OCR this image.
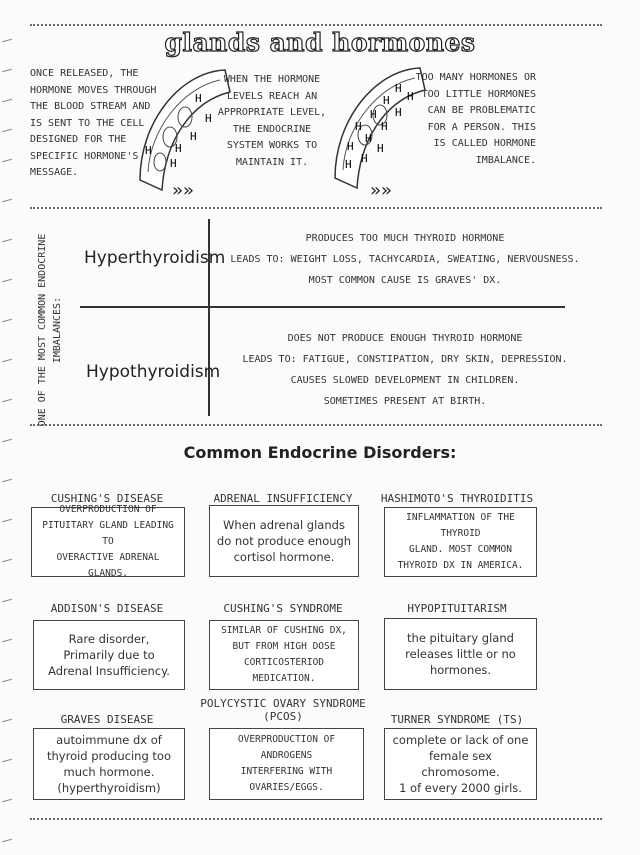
glands and hormones
ONCE RELEASED, THE HORMONE MOVES THROUGH THE BLOOD STREAM AND IS SENT TO THE CELL DESIGNED FOR THE SPECIFIC HORMONE'S MESSAGE.
H
H
H
H
H
H
»»
WHEN THE HORMONE LEVELS REACH AN APPROPRIATE LEVEL, THE ENDOCRINE SYSTEM WORKS TO MAINTAIN IT.
H
H
H
H
H
H
H
H
H H
H
H
»»
TOO MANY HORMONES OR TOO LITTLE HORMONES CAN BE PROBLEMATIC FOR A PERSON. THIS IS CALLED HORMONE IMBALANCE.
ONE OF THE MOST COMMON ENDOCRINE IMBALANCES:
Hyperthyroidism
PRODUCES TOO MUCH THYROID HORMONE
LEADS TO: WEIGHT LOSS, TACHYCARDIA, SWEATING, NERVOUSNESS.
MOST COMMON CAUSE IS GRAVES' DX.
Hypothyroidism
DOES NOT PRODUCE ENOUGH THYROID HORMONE
LEADS TO: FATIGUE, CONSTIPATION, DRY SKIN, DEPRESSION.
CAUSES SLOWED DEVELOPMENT IN CHILDREN.
SOMETIMES PRESENT AT BIRTH.
Common Endocrine Disorders:
CUSHING'S DISEASE
OVERPRODUCTION OF
PITUITARY GLAND LEADING TO
OVERACTIVE ADRENAL GLANDS.
ADRENAL INSUFFICIENCY
When adrenal glands
do not produce enough
cortisol hormone.
HASHIMOTO'S THYROIDITIS
INFLAMMATION OF THE THYROID
GLAND. MOST COMMON
THYROID DX IN AMERICA.
ADDISON'S DISEASE
Rare disorder,
Primarily due to
Adrenal Insufficiency.
CUSHING'S SYNDROME
SIMILAR OF CUSHING DX,
BUT FROM HIGH DOSE
CORTICOSTERIOD MEDICATION.
HYPOPITUITARISM
the pituitary gland
releases little or no
hormones.
GRAVES DISEASE
autoimmune dx of
thyroid producing too
much hormone.
(hyperthyroidism)
POLYCYSTIC OVARY SYNDROME (PCOS)
OVERPRODUCTION OF ANDROGENS
INTERFERING WITH OVARIES/EGGS.
TURNER SYNDROME (TS)
complete or lack of one
female sex chromosome.
1 of every 2000 girls.
